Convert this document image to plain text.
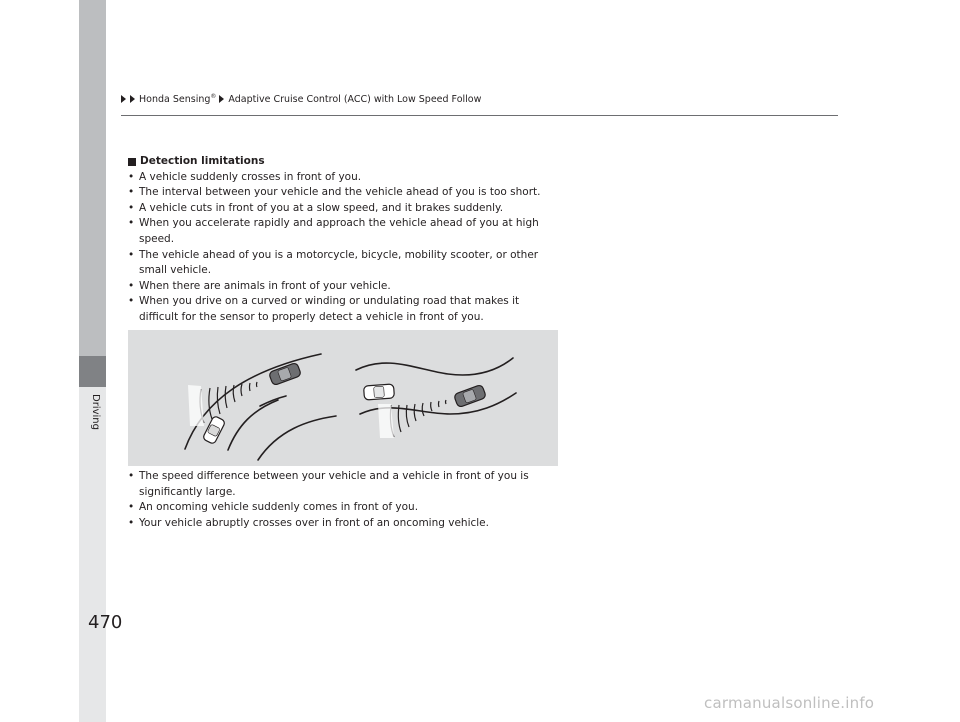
Driving
Honda Sensing® Adaptive Cruise Control (ACC) with Low Speed Follow

Detection limitations

• A vehicle suddenly crosses in front of you.
• The interval between your vehicle and the vehicle ahead of you is too short.
• A vehicle cuts in front of you at a slow speed, and it brakes suddenly.
• When you accelerate rapidly and approach the vehicle ahead of you at high speed.
• The vehicle ahead of you is a motorcycle, bicycle, mobility scooter, or other small vehicle.
• When there are animals in front of your vehicle.
• When you drive on a curved or winding or undulating road that makes it difficult for the sensor to properly detect a vehicle in front of you.
• The speed difference between your vehicle and a vehicle in front of you is significantly large.
• An oncoming vehicle suddenly comes in front of you.
• Your vehicle abruptly crosses over in front of an oncoming vehicle.
470
carmanualsonline.info
